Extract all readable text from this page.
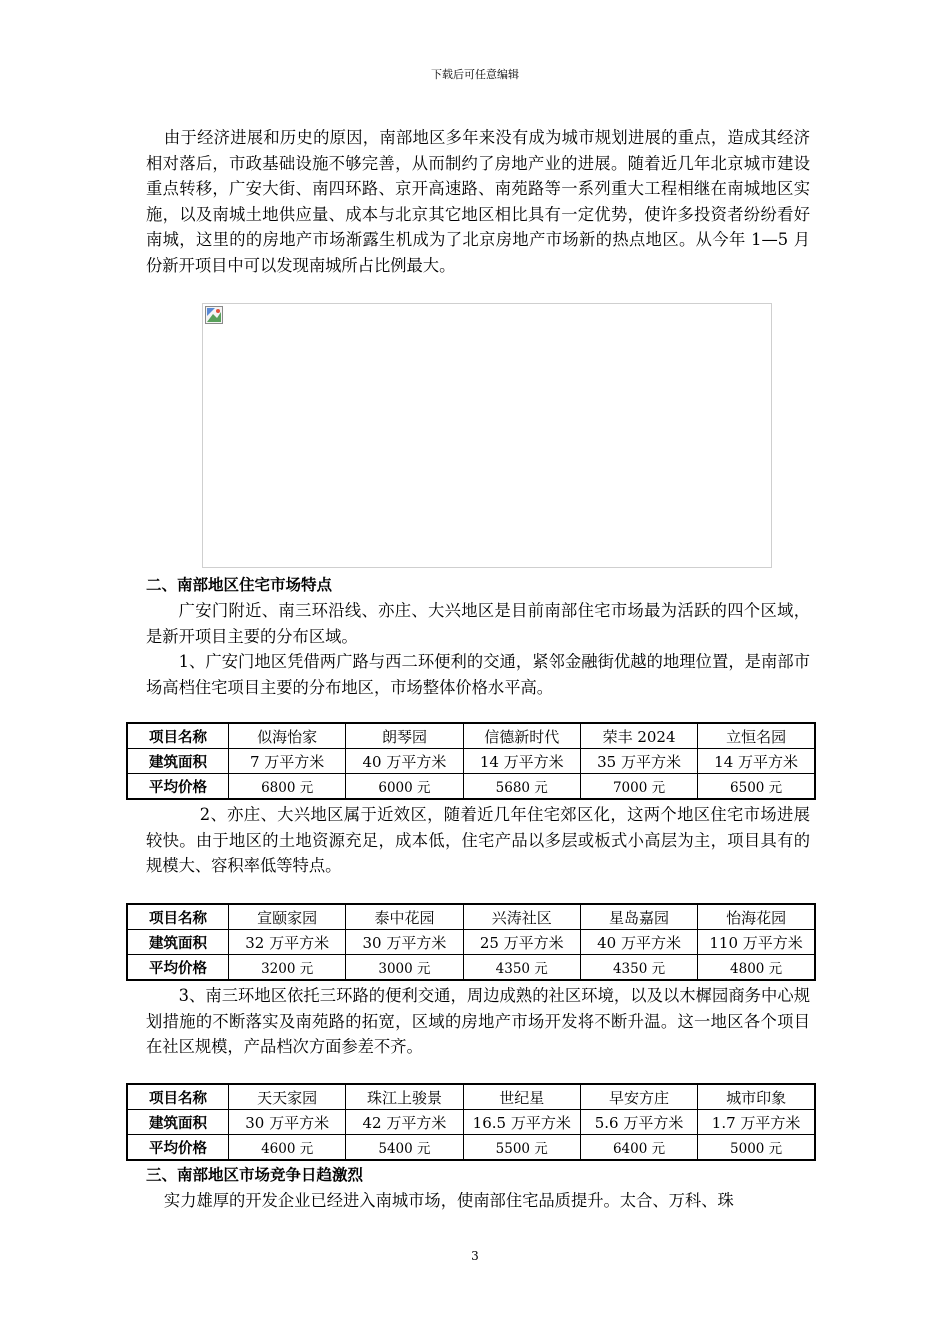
下载后可任意编辑

由于经济进展和历史的原因，南部地区多年来没有成为城市规划进展的重点，造成其经济相对落后，市政基础设施不够完善，从而制约了房地产业的进展。随着近几年北京城市建设重点转移，广安大街、南四环路、京开高速路、南苑路等一系列重大工程相继在南城地区实施，以及南城土地供应量、成本与北京其它地区相比具有一定优势，使许多投资者纷纷看好南城，这里的的房地产市场渐露生机成为了北京房地产市场新的热点地区。从今年 1—5 月份新开项目中可以发现南城所占比例最大。

二、南部地区住宅市场特点

广安门附近、南三环沿线、亦庄、大兴地区是目前南部住宅市场最为活跃的四个区域，是新开项目主要的分布区域。

1、广安门地区凭借两广路与西二环便利的交通，紧邻金融街优越的地理位置，是南部市场高档住宅项目主要的分布地区，市场整体价格水平高。

项目名称	似海怡家	朗琴园	信德新时代	荣丰 2024	立恒名园
建筑面积	7 万平方米	40 万平方米	14 万平方米	35 万平方米	14 万平方米
平均价格	6800 元	6000 元	5680 元	7000 元	6500 元

2、亦庄、大兴地区属于近效区，随着近几年住宅郊区化，这两个地区住宅市场进展较快。由于地区的土地资源充足，成本低，住宅产品以多层或板式小高层为主，项目具有的规模大、容积率低等特点。

项目名称	宣颐家园	泰中花园	兴涛社区	星岛嘉园	怡海花园
建筑面积	32 万平方米	30 万平方米	25 万平方米	40 万平方米	110 万平方米
平均价格	3200 元	3000 元	4350 元	4350 元	4800 元

3、南三环地区依托三环路的便利交通，周边成熟的社区环境，以及以木樨园商务中心规划措施的不断落实及南苑路的拓宽，区域的房地产市场开发将不断升温。这一地区各个项目在社区规模，产品档次方面参差不齐。

项目名称	天天家园	珠江上骏景	世纪星	早安方庄	城市印象
建筑面积	30 万平方米	42 万平方米	16.5 万平方米	5.6 万平方米	1.7 万平方米
平均价格	4600 元	5400 元	5500 元	6400 元	5000 元

三、南部地区市场竞争日趋激烈

实力雄厚的开发企业已经进入南城市场，使南部住宅品质提升。太合、万科、珠

3
